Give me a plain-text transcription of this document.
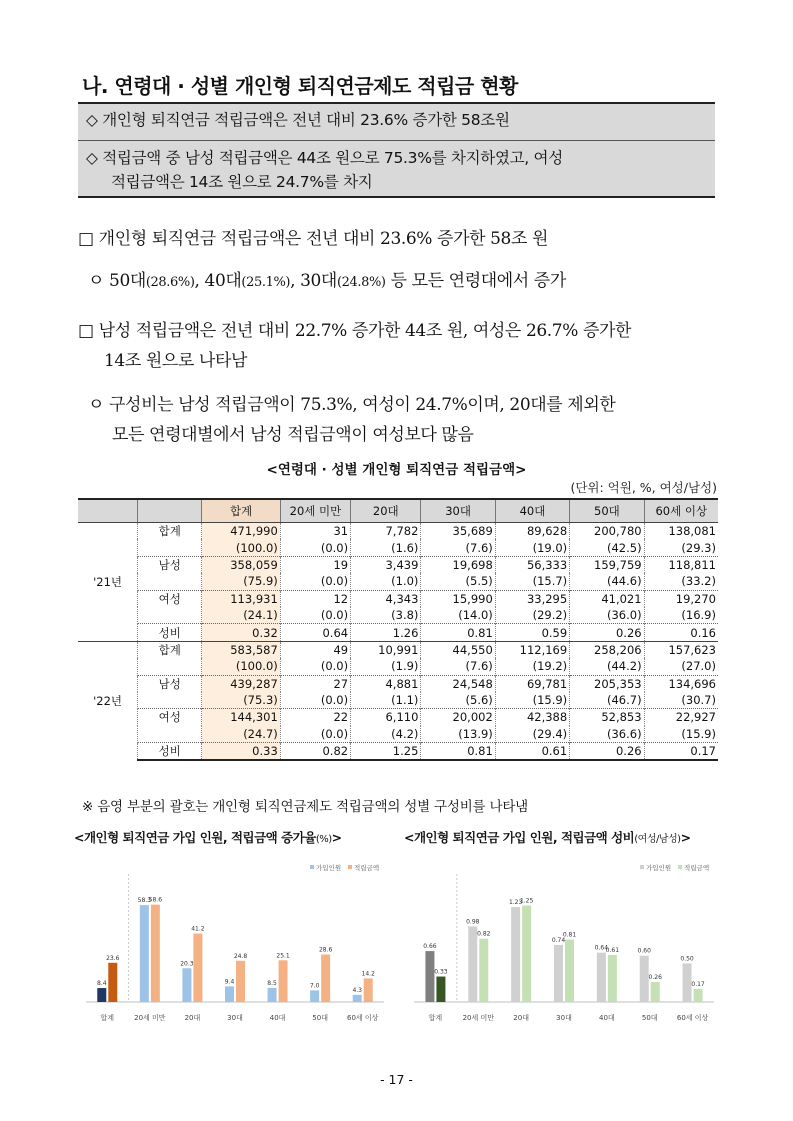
나. 연령대 · 성별 개인형 퇴직연금제도 적립금 현황
◇ 개인형 퇴직연금 적립금액은 전년 대비 23.6% 증가한 58조원
◇ 적립금액 중 남성 적립금액은 44조 원으로 75.3%를 차지하였고, 여성
적립금액은 14조 원으로 24.7%를 차지
□ 개인형 퇴직연금 적립금액은 전년 대비 23.6% 증가한 58조 원
ㅇ 50대(28.6%), 40대(25.1%), 30대(24.8%) 등 모든 연령대에서 증가
□ 남성 적립금액은 전년 대비 22.7% 증가한 44조 원, 여성은 26.7% 증가한
14조 원으로 나타남
ㅇ 구성비는 남성 적립금액이 75.3%, 여성이 24.7%이며, 20대를 제외한
모든 연령대별에서 남성 적립금액이 여성보다 많음
<연령대 · 성별 개인형 퇴직연금 적립금액>
(단위: 억원, %, 여성/남성)
		합계	20세 미만	20대	30대	40대	50대	60세 이상
'21년	합계	471,990	31	7,782	35,689	89,628	200,780	138,081
		(100.0)	(0.0)	(1.6)	(7.6)	(19.0)	(42.5)	(29.3)
	남성	358,059	19	3,439	19,698	56,333	159,759	118,811
		(75.9)	(0.0)	(1.0)	(5.5)	(15.7)	(44.6)	(33.2)
	여성	113,931	12	4,343	15,990	33,295	41,021	19,270
		(24.1)	(0.0)	(3.8)	(14.0)	(29.2)	(36.0)	(16.9)
	성비	0.32	0.64	1.26	0.81	0.59	0.26	0.16
'22년	합계	583,587	49	10,991	44,550	112,169	258,206	157,623
		(100.0)	(0.0)	(1.9)	(7.6)	(19.2)	(44.2)	(27.0)
	남성	439,287	27	4,881	24,548	69,781	205,353	134,696
		(75.3)	(0.0)	(1.1)	(5.6)	(15.9)	(46.7)	(30.7)
	여성	144,301	22	6,110	20,002	42,388	52,853	22,927
		(24.7)	(0.0)	(4.2)	(13.9)	(29.4)	(36.6)	(15.9)
	성비	0.33	0.82	1.25	0.81	0.61	0.26	0.17
※ 음영 부분의 괄호는 개인형 퇴직연금제도 적립금액의 성별 구성비를 나타냄
<개인형 퇴직연금 가입 인원, 적립금액 증가율(%)>	<개인형 퇴직연금 가입 인원, 적립금액 성비(여성/남성)>
가입인원 적립금액
8.4
23.6
합계
58.3
58.6
20세 미만
20.3
41.2
20대
9.4
24.8
30대
8.5
25.1
40대
7.0
28.6
50대
4.3
14.2
60세 이상
가입인원 적립금액
0.66
0.33
합계
0.98
0.82
20세 미만
1.23
1.25
20대
0.74
0.81
30대
0.64
0.61
40대
0.60
0.26
50대
0.50
0.17
60세 이상
- 17 -
